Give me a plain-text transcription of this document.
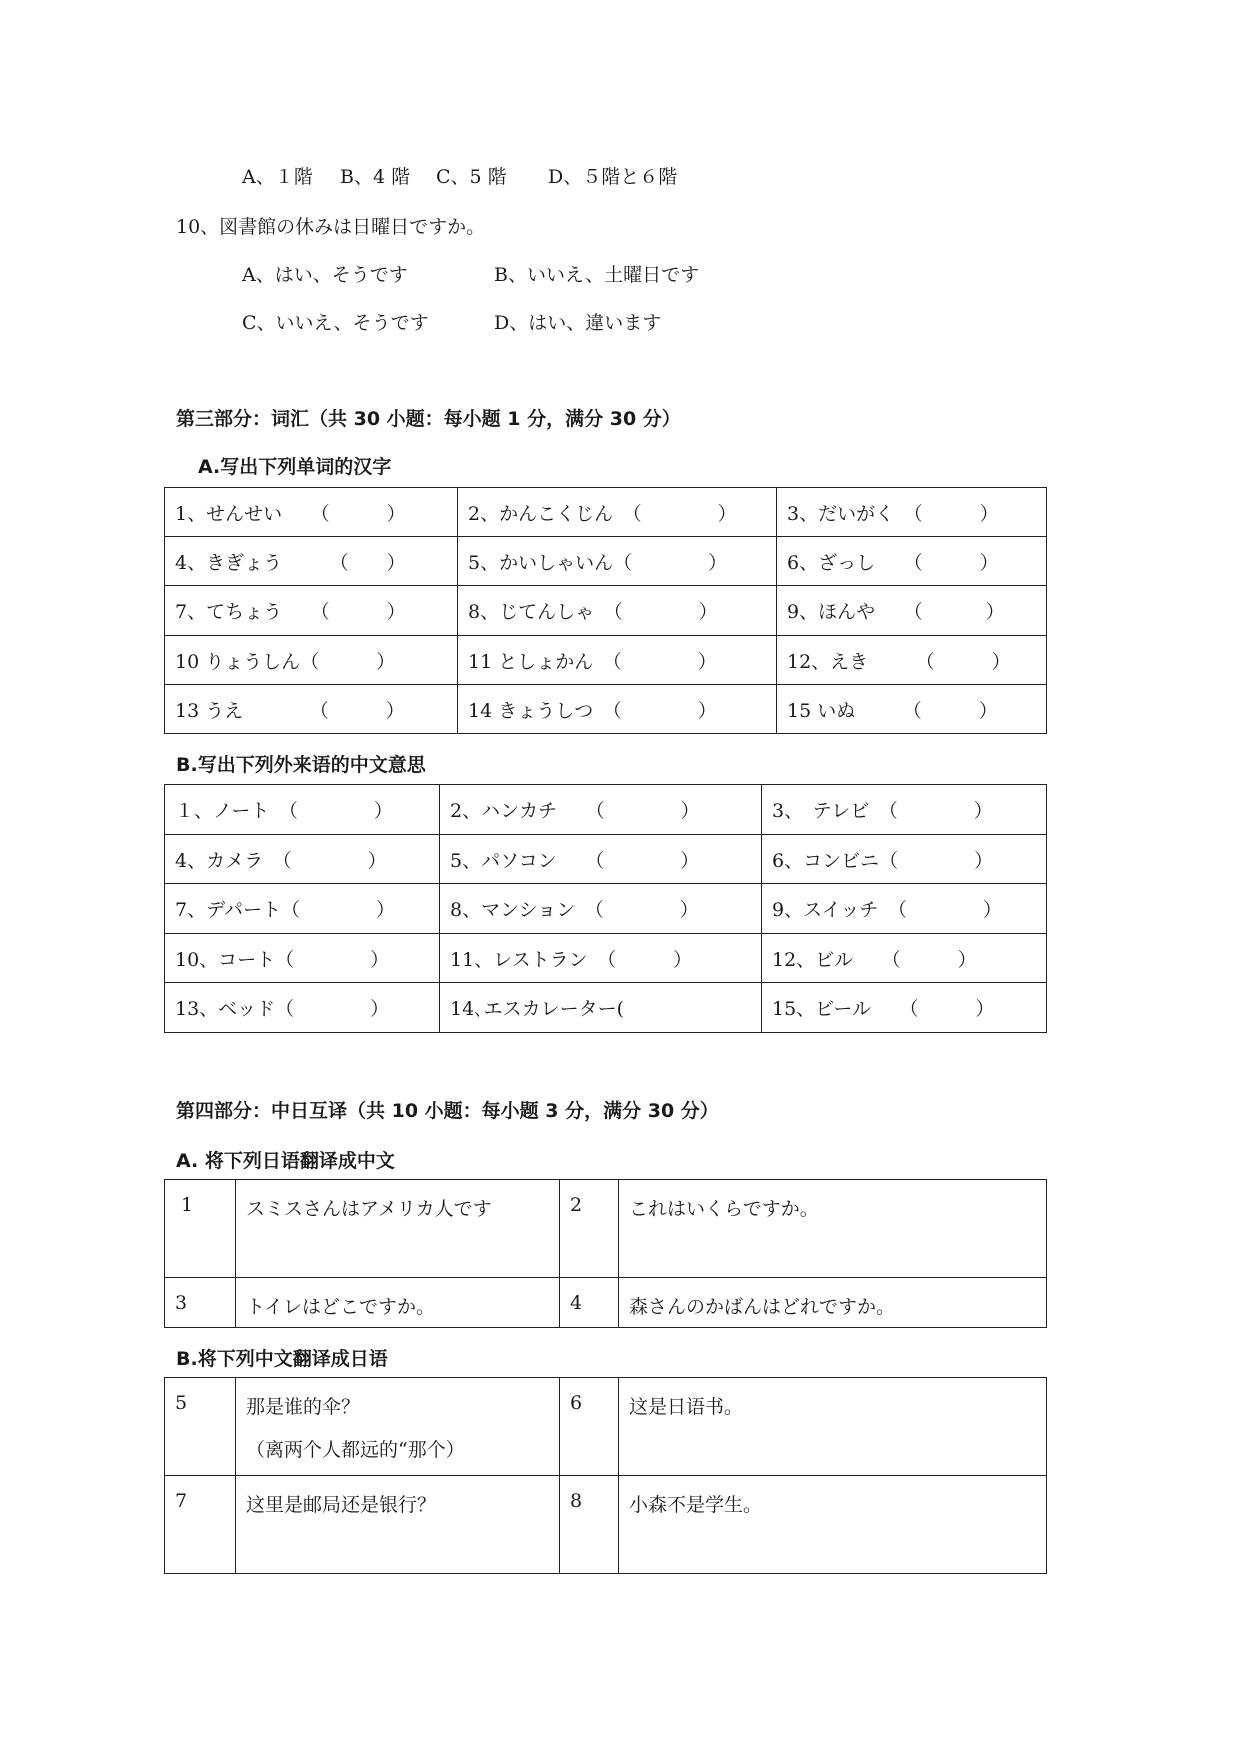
A、１階 B、4 階 C、5 階 D、５階と６階
10、図書館の休みは日曜日ですか。
A、はい、そうです	B、いいえ、土曜日です
C、いいえ、そうです	D、はい、違います
第三部分：词汇（共 30 小题：每小题 1 分，满分 30 分）
A.写出下列单词的汉字
1、せんせい　　（　　　）	2、かんこくじん　（　　　　）	3、だいがく　（　　　）
4、きぎょう　　　（　　）	5、かいしゃいん（　　　　）	6、ざっし　　（　　　）
7、てちょう　　（　　　）	8、じてんしゃ　（　　　　）	9、ほんや　　（　　　 ）
10 りょうしん（　　　）	11 としょかん　（　　　　）	12、えき　　　（　　　）
13 うえ　　　　（　　　）	14 きょうしつ　（　　　　）	15 いぬ　　　（　　　）
B.写出下列外来语的中文意思
１、ノート　（　　　　）	2、ハンカチ　　（　　　　）	3、　テレビ　（　　　　）
4、カメラ　（　　　　）	5、パソコン　　（　　　　）	6、コンビニ（　　　　）
7、デパート（　　　　）	8、マンション　（　　　　）	9、スイッチ　（　　　　）
10、コート（　　　　）	11、レストラン　（　　　）	12、ビル　　（　　　）
13、ベッド（　　　　）	14､エスカレーター(	15、ビール　　（　　　）
第四部分：中日互译（共 10 小题：每小题 3 分，满分 30 分）
A. 将下列日语翻译成中文
1	スミスさんはアメリカ人です	2	これはいくらですか。
3	トイレはどこですか。	4	森さんのかばんはどれですか。
B.将下列中文翻译成日语
5	那是谁的伞？
（离两个人都远的“那个）	6	这是日语书。
7	这里是邮局还是银行？	8	小森不是学生。
